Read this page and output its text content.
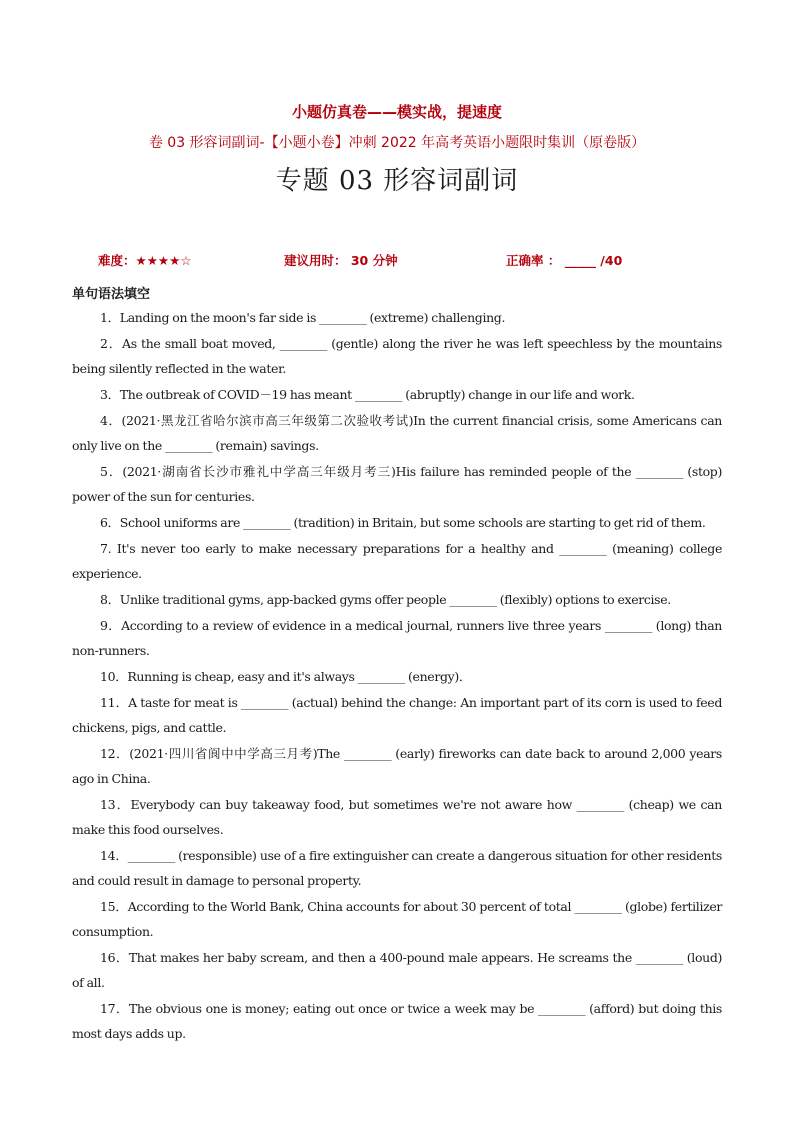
小题仿真卷——模实战，提速度
卷 03 形容词副词-【小题小卷】冲刺 2022 年高考英语小题限时集训（原卷版）
专题 03 形容词副词
难度：★★★★☆	建议用时： 30 分钟	正确率 ： _____ /40
单句语法填空

1．Landing on the moon's far side is ________ (extreme) challenging.

2．As the small boat moved, ________ (gentle) along the river he was left speechless by the mountains being silently reflected in the water.

3．The outbreak of COVID－19 has meant ________ (abruptly) change in our life and work.

4．(2021·黑龙江省哈尔滨市高三年级第二次验收考试)In the current financial crisis, some Americans can only live on the ________ (remain) savings.

5．(2021·湖南省长沙市雅礼中学高三年级月考三)His failure has reminded people of the ________ (stop) power of the sun for centuries.

6．School uniforms are ________ (tradition) in Britain, but some schools are starting to get rid of them.

7. It's never too early to make necessary preparations for a healthy and ________ (meaning) college experience.

8．Unlike traditional gyms, app-backed gyms offer people ________ (flexibly) options to exercise.

9．According to a review of evidence in a medical journal, runners live three years ________ (long) than non-runners.

10．Running is cheap, easy and it's always ________ (energy)．

11．A taste for meat is ________ (actual) behind the change: An important part of its corn is used to feed chickens, pigs, and cattle.

12．(2021·四川省阆中中学高三月考)The ________ (early) fireworks can date back to around 2,000 years ago in China.

13．Everybody can buy takeaway food, but sometimes we're not aware how ________ (cheap) we can make this food ourselves.

14．________ (responsible) use of a fire extinguisher can create a dangerous situation for other residents and could result in damage to personal property.

15．According to the World Bank, China accounts for about 30 percent of total ________ (globe) fertilizer consumption.

16．That makes her baby scream, and then a 400-pound male appears. He screams the ________ (loud) of all.

17．The obvious one is money; eating out once or twice a week may be ________ (afford) but doing this most days adds up.
